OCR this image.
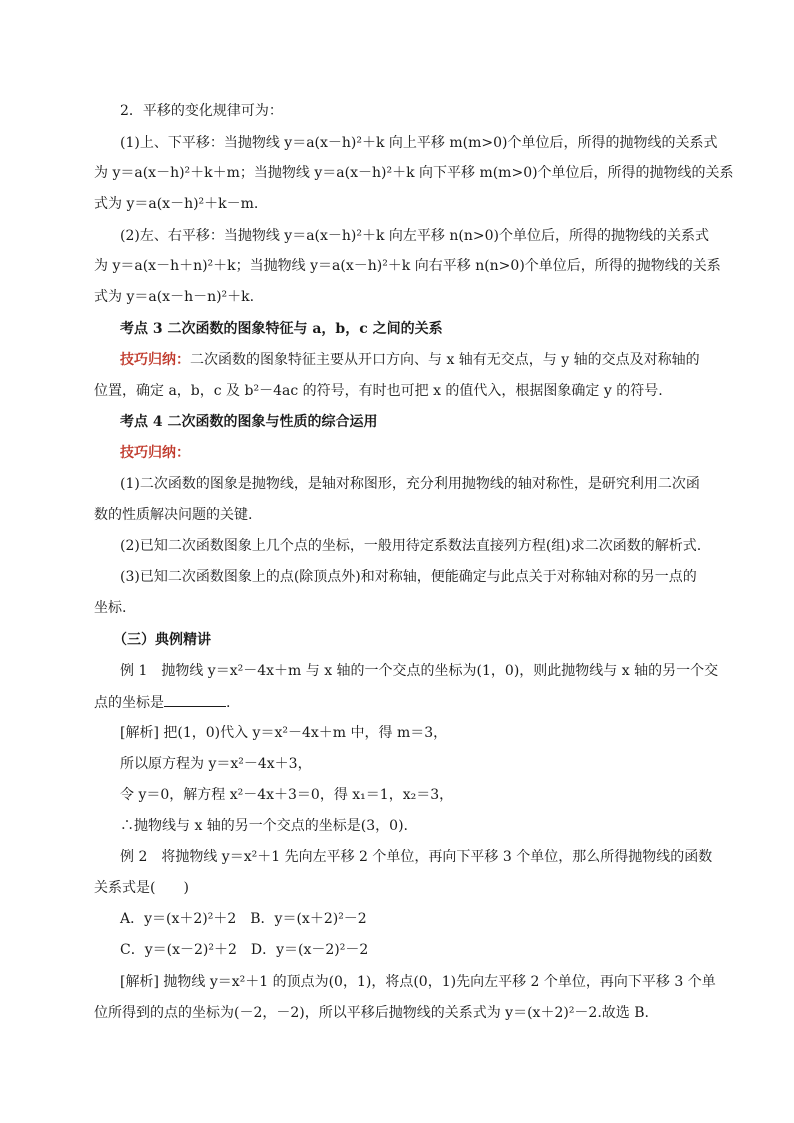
2．平移的变化规律可为：
(1)上、下平移：当抛物线 y＝a(x－h)²＋k 向上平移 m(m>0)个单位后，所得的抛物线的关系式
为 y＝a(x－h)²＋k＋m；当抛物线 y＝a(x－h)²＋k 向下平移 m(m>0)个单位后，所得的抛物线的关系
式为 y＝a(x－h)²＋k－m.
(2)左、右平移：当抛物线 y＝a(x－h)²＋k 向左平移 n(n>0)个单位后，所得的抛物线的关系式
为 y＝a(x－h＋n)²＋k；当抛物线 y＝a(x－h)²＋k 向右平移 n(n>0)个单位后，所得的抛物线的关系
式为 y＝a(x－h－n)²＋k.
考点 3 二次函数的图象特征与 a，b，c 之间的关系
技巧归纳：二次函数的图象特征主要从开口方向、与 x 轴有无交点，与 y 轴的交点及对称轴的
位置，确定 a，b，c 及 b²－4ac 的符号，有时也可把 x 的值代入，根据图象确定 y 的符号.
考点 4 二次函数的图象与性质的综合运用
技巧归纳：
(1)二次函数的图象是抛物线，是轴对称图形，充分利用抛物线的轴对称性，是研究利用二次函
数的性质解决问题的关键.
(2)已知二次函数图象上几个点的坐标，一般用待定系数法直接列方程(组)求二次函数的解析式.
(3)已知二次函数图象上的点(除顶点外)和对称轴，便能确定与此点关于对称轴对称的另一点的
坐标.
（三）典例精讲
例 1　抛物线 y＝x²－4x＋m 与 x 轴的一个交点的坐标为(1，0)，则此抛物线与 x 轴的另一个交
点的坐标是	.
[解析] 把(1，0)代入 y＝x²－4x＋m 中，得 m＝3，
所以原方程为 y＝x²－4x＋3，
令 y＝0，解方程 x²－4x＋3＝0，得 x₁＝1，x₂＝3，
∴抛物线与 x 轴的另一个交点的坐标是(3，0).
例 2　将抛物线 y＝x²＋1 先向左平移 2 个单位，再向下平移 3 个单位，那么所得抛物线的函数
关系式是(　　)
A．y＝(x＋2)²＋2　B．y＝(x＋2)²－2
C．y＝(x－2)²＋2　D．y＝(x－2)²－2
[解析] 抛物线 y＝x²＋1 的顶点为(0，1)，将点(0，1)先向左平移 2 个单位，再向下平移 3 个单
位所得到的点的坐标为(－2，－2)，所以平移后抛物线的关系式为 y＝(x＋2)²－2.故选 B.
